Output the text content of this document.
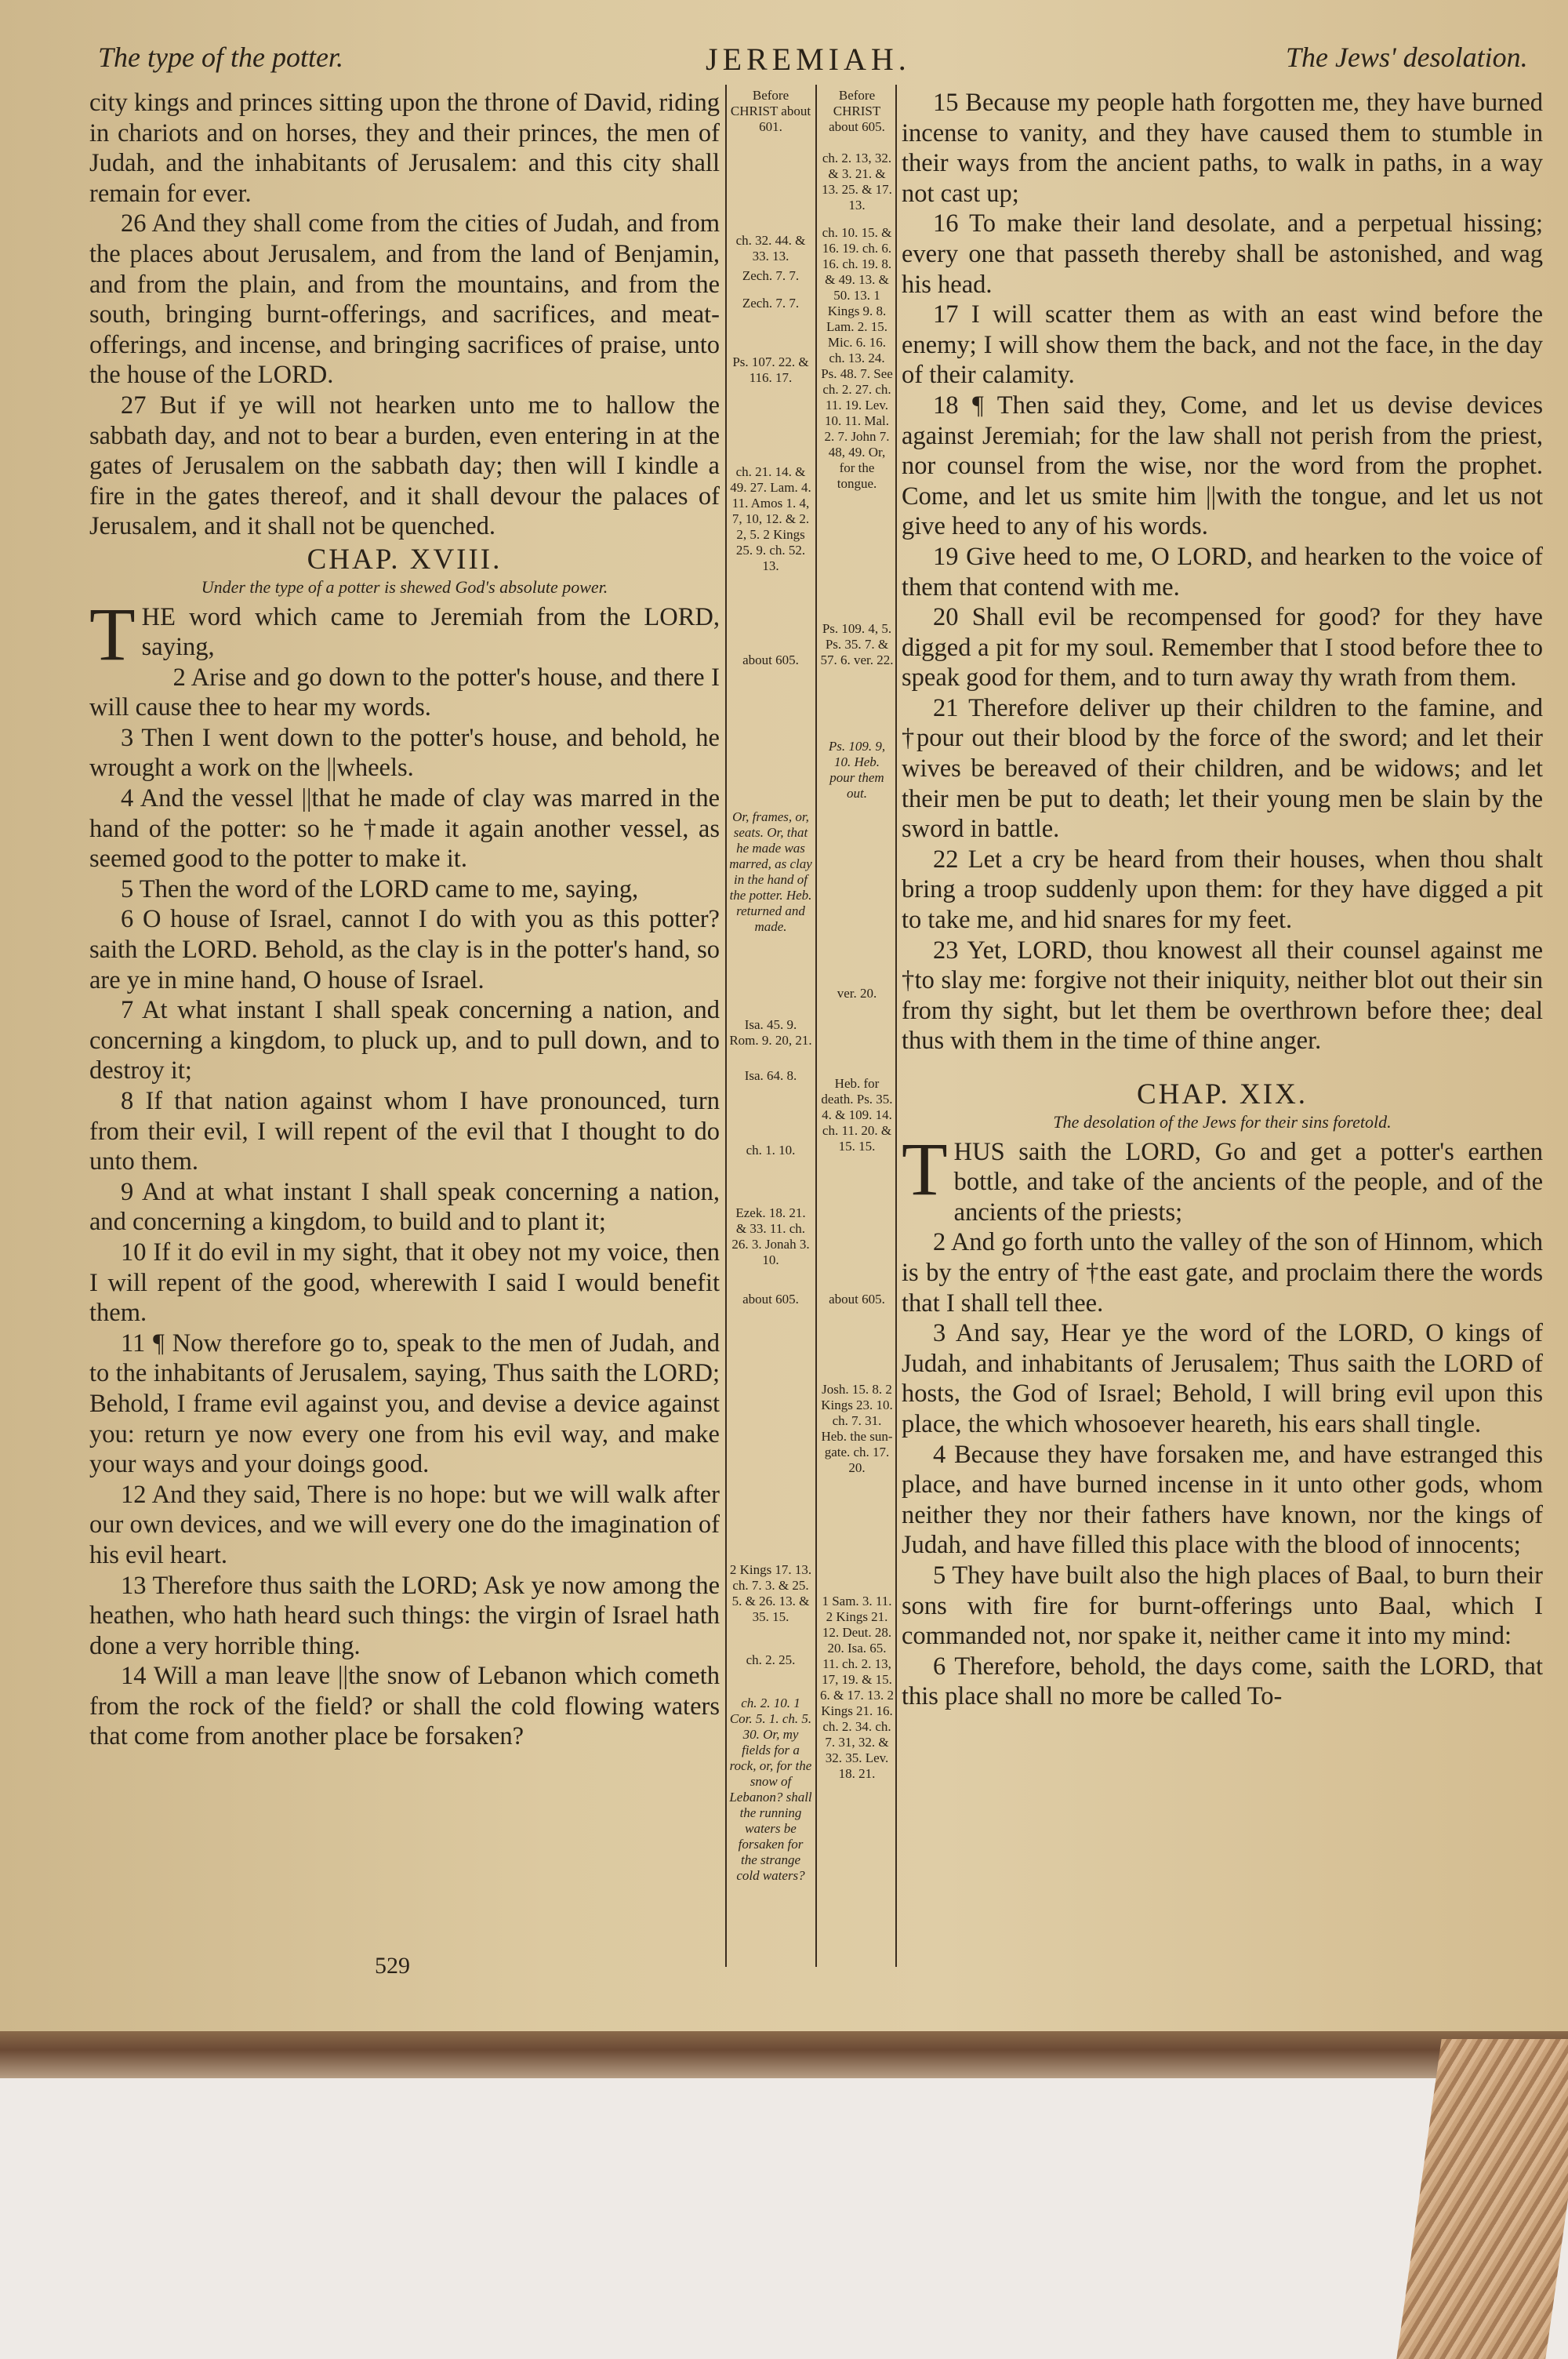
The type of the potter.	JEREMIAH.	The Jews' desolation.

city kings and princes sitting upon the throne of David, riding in chariots and on horses, they and their princes, the men of Judah, and the inhabitants of Jerusalem: and this city shall remain for ever.

26 And they shall come from the cities of Judah, and from the places about Jerusalem, and from the land of Benjamin, and from the plain, and from the mountains, and from the south, bringing burnt-offerings, and sacrifices, and meat-offerings, and incense, and bringing sacrifices of praise, unto the house of the LORD.

27 But if ye will not hearken unto me to hallow the sabbath day, and not to bear a burden, even entering in at the gates of Jerusalem on the sabbath day; then will I kindle a fire in the gates thereof, and it shall devour the palaces of Jerusalem, and it shall not be quenched.

CHAP. XVIII.
Under the type of a potter is shewed God's absolute power.

THE word which came to Jeremiah from the LORD, saying,

2 Arise and go down to the potter's house, and there I will cause thee to hear my words.

3 Then I went down to the potter's house, and behold, he wrought a work on the ||wheels.

4 And the vessel ||that he made of clay was marred in the hand of the potter: so he †made it again another vessel, as seemed good to the potter to make it.

5 Then the word of the LORD came to me, saying,

6 O house of Israel, cannot I do with you as this potter? saith the LORD. Behold, as the clay is in the potter's hand, so are ye in mine hand, O house of Israel.

7 At what instant I shall speak concerning a nation, and concerning a kingdom, to pluck up, and to pull down, and to destroy it;

8 If that nation against whom I have pronounced, turn from their evil, I will repent of the evil that I thought to do unto them.

9 And at what instant I shall speak concerning a nation, and concerning a kingdom, to build and to plant it;

10 If it do evil in my sight, that it obey not my voice, then I will repent of the good, wherewith I said I would benefit them.

11 ¶ Now therefore go to, speak to the men of Judah, and to the inhabitants of Jerusalem, saying, Thus saith the LORD; Behold, I frame evil against you, and devise a device against you: return ye now every one from his evil way, and make your ways and your doings good.

12 And they said, There is no hope: but we will walk after our own devices, and we will every one do the imagination of his evil heart.

13 Therefore thus saith the LORD; Ask ye now among the heathen, who hath heard such things: the virgin of Israel hath done a very horrible thing.

14 Will a man leave ||the snow of Lebanon which cometh from the rock of the field? or shall the cold flowing waters that come from another place be forsaken?

Before CHRIST about 601.
ch. 32. 44. & 33. 13.
Zech. 7. 7.
Zech. 7. 7.
Ps. 107. 22. & 116. 17.
ch. 21. 14. & 49. 27. Lam. 4. 11. Amos 1. 4, 7, 10, 12. & 2. 2, 5. 2 Kings 25. 9. ch. 52. 13.
about 605.
Or, frames, or, seats. Or, that he made was marred, as clay in the hand of the potter. Heb. returned and made.
Isa. 45. 9. Rom. 9. 20, 21.
Isa. 64. 8.
ch. 1. 10.
Ezek. 18. 21. & 33. 11. ch. 26. 3. Jonah 3. 10.
about 605.
2 Kings 17. 13. ch. 7. 3. & 25. 5. & 26. 13. & 35. 15.
ch. 2. 25.
ch. 2. 10. 1 Cor. 5. 1. ch. 5. 30. Or, my fields for a rock, or, for the snow of Lebanon? shall the running waters be forsaken for the strange cold waters?
Before CHRIST about 605.
ch. 2. 13, 32. & 3. 21. & 13. 25. & 17. 13.
ch. 10. 15. & 16. 19. ch. 6. 16. ch. 19. 8. & 49. 13. & 50. 13. 1 Kings 9. 8. Lam. 2. 15. Mic. 6. 16. ch. 13. 24. Ps. 48. 7. See ch. 2. 27. ch. 11. 19. Lev. 10. 11. Mal. 2. 7. John 7. 48, 49. Or, for the tongue.
Ps. 109. 4, 5. Ps. 35. 7. & 57. 6. ver. 22.
Ps. 109. 9, 10. Heb. pour them out.
ver. 20.
Heb. for death. Ps. 35. 4. & 109. 14. ch. 11. 20. & 15. 15.
about 605.
Josh. 15. 8. 2 Kings 23. 10. ch. 7. 31. Heb. the sun-gate. ch. 17. 20.
1 Sam. 3. 11. 2 Kings 21. 12. Deut. 28. 20. Isa. 65. 11. ch. 2. 13, 17, 19. & 15. 6. & 17. 13. 2 Kings 21. 16. ch. 2. 34. ch. 7. 31, 32. & 32. 35. Lev. 18. 21.

15 Because my people hath forgotten me, they have burned incense to vanity, and they have caused them to stumble in their ways from the ancient paths, to walk in paths, in a way not cast up;

16 To make their land desolate, and a perpetual hissing; every one that passeth thereby shall be astonished, and wag his head.

17 I will scatter them as with an east wind before the enemy; I will show them the back, and not the face, in the day of their calamity.

18 ¶ Then said they, Come, and let us devise devices against Jeremiah; for the law shall not perish from the priest, nor counsel from the wise, nor the word from the prophet. Come, and let us smite him ||with the tongue, and let us not give heed to any of his words.

19 Give heed to me, O LORD, and hearken to the voice of them that contend with me.

20 Shall evil be recompensed for good? for they have digged a pit for my soul. Remember that I stood before thee to speak good for them, and to turn away thy wrath from them.

21 Therefore deliver up their children to the famine, and †pour out their blood by the force of the sword; and let their wives be bereaved of their children, and be widows; and let their men be put to death; let their young men be slain by the sword in battle.

22 Let a cry be heard from their houses, when thou shalt bring a troop suddenly upon them: for they have digged a pit to take me, and hid snares for my feet.

23 Yet, LORD, thou knowest all their counsel against me †to slay me: forgive not their iniquity, neither blot out their sin from thy sight, but let them be overthrown before thee; deal thus with them in the time of thine anger.

CHAP. XIX.
The desolation of the Jews for their sins foretold.

THUS saith the LORD, Go and get a potter's earthen bottle, and take of the ancients of the people, and of the ancients of the priests;

2 And go forth unto the valley of the son of Hinnom, which is by the entry of †the east gate, and proclaim there the words that I shall tell thee.

3 And say, Hear ye the word of the LORD, O kings of Judah, and inhabitants of Jerusalem; Thus saith the LORD of hosts, the God of Israel; Behold, I will bring evil upon this place, the which whosoever heareth, his ears shall tingle.

4 Because they have forsaken me, and have estranged this place, and have burned incense in it unto other gods, whom neither they nor their fathers have known, nor the kings of Judah, and have filled this place with the blood of innocents;

5 They have built also the high places of Baal, to burn their sons with fire for burnt-offerings unto Baal, which I commanded not, nor spake it, neither came it into my mind:

6 Therefore, behold, the days come, saith the LORD, that this place shall no more be called To-

529
